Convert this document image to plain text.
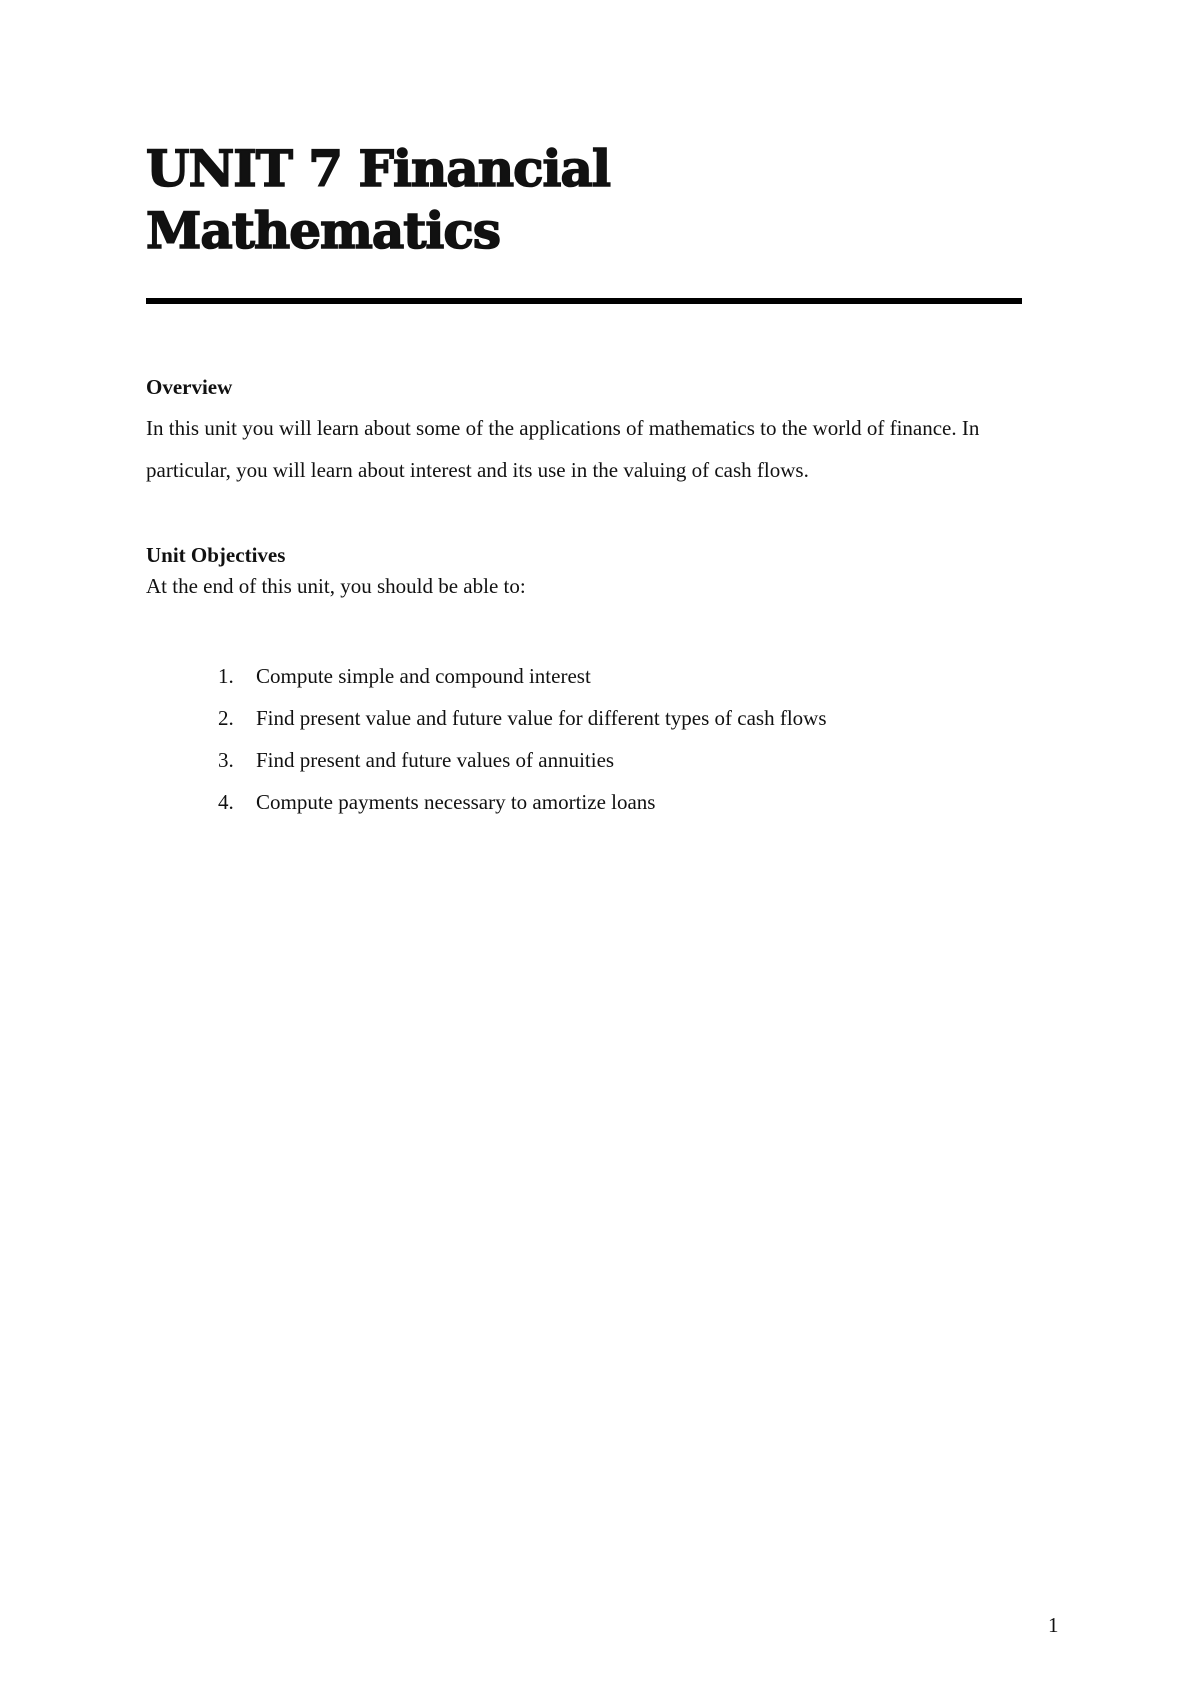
UNIT 7 Financial
Mathematics
Overview

In this unit you will learn about some of the applications of mathematics to the world of finance. In particular, you will learn about interest and its use in the valuing of cash flows.

Unit Objectives

At the end of this unit, you should be able to:

1. Compute simple and compound interest
2. Find present value and future value for different types of cash flows
3. Find present and future values of annuities
4. Compute payments necessary to amortize loans
1
